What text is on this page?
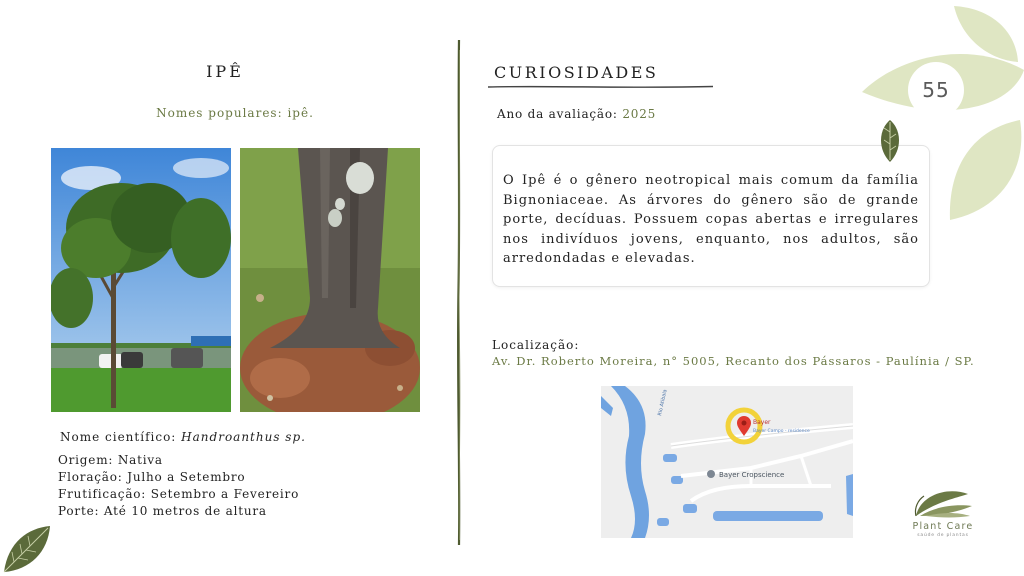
IPÊ
Nomes populares: ipê.
Nome científico: Handroanthus sp.
Origem: Nativa
Floração: Julho a Setembro
Frutificação: Setembro a Fevereiro
Porte: Até 10 metros de altura
CURIOSIDADES
Ano da avaliação: 2025

O Ipê é o gênero neotropical mais comum da família Bignoniaceae. As árvores do gênero são de grande porte, decíduas. Possuem copas abertas e irregulares nos indivíduos jovens, enquanto, nos adultos, são arredondadas e elevadas.

Localização:
Av. Dr. Roberto Moreira, n° 5005, Recanto dos Pássaros - Paulínia / SP.
Rio Atibaia
Bayer
Bayer Campo - residence
Bayer Cropscience
55
Plant Care
saúde de plantas
